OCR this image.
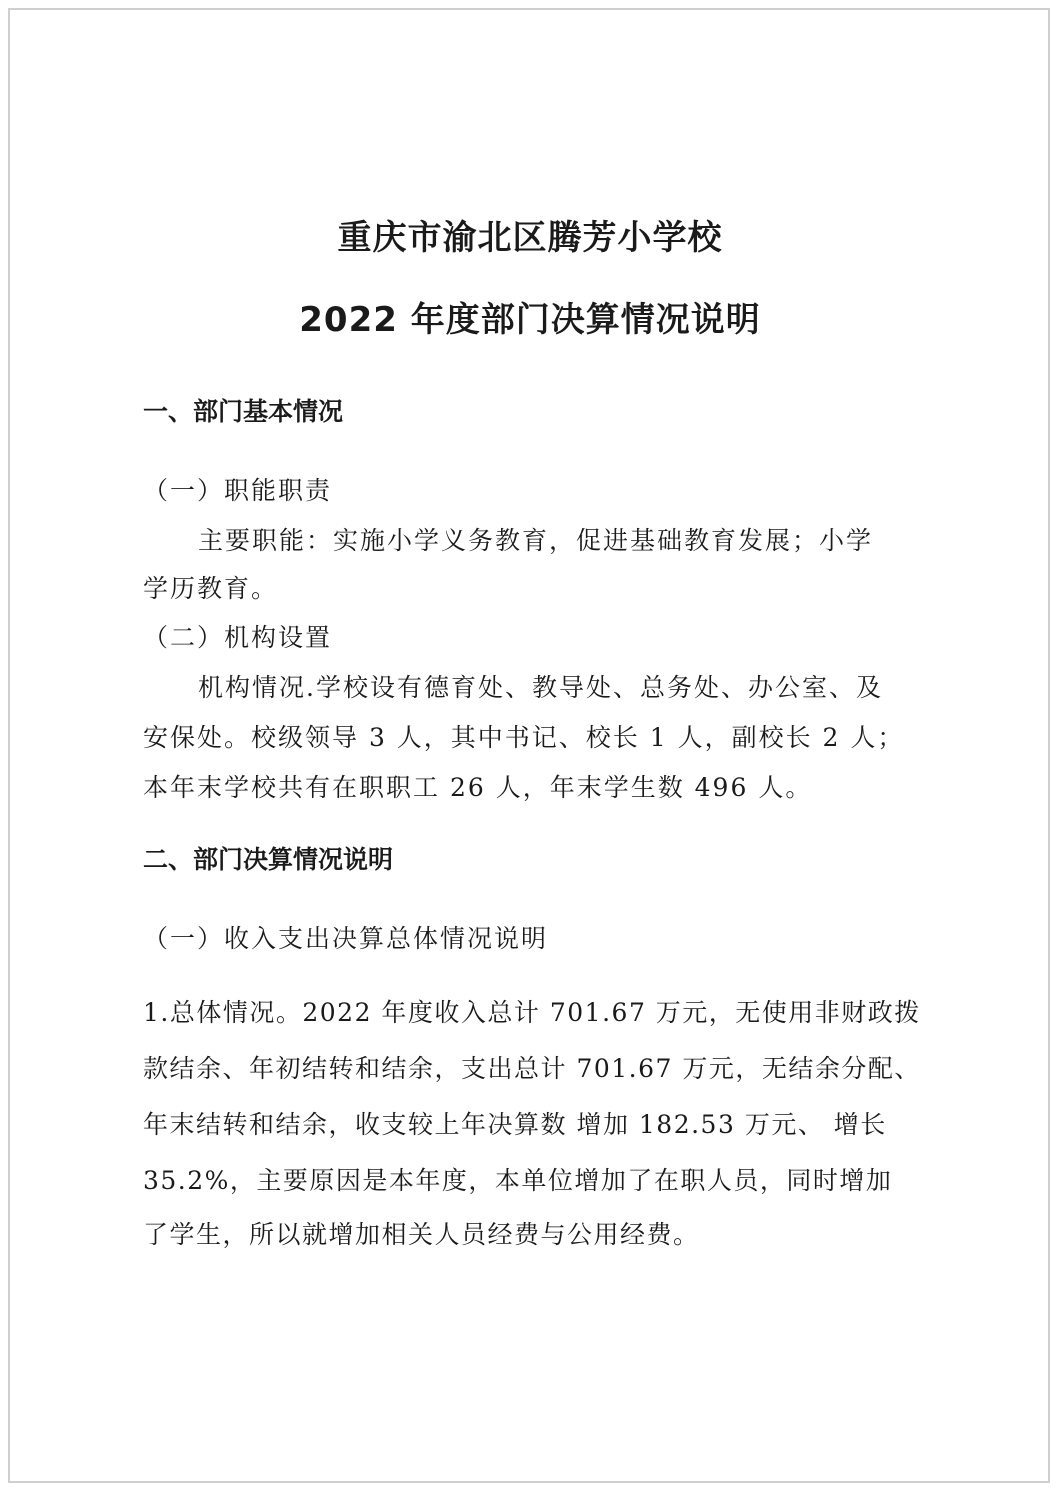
重庆市渝北区腾芳小学校
2022 年度部门决算情况说明
一、部门基本情况
（一）职能职责
主要职能：实施小学义务教育，促进基础教育发展；小学
学历教育。
（二）机构设置
机构情况.学校设有德育处、教导处、总务处、办公室、及
安保处。校级领导 3 人，其中书记、校长 1 人，副校长 2 人；
本年末学校共有在职职工 26 人，年末学生数 496 人。
二、部门决算情况说明
（一）收入支出决算总体情况说明
1.总体情况。2022 年度收入总计 701.67 万元，无使用非财政拨
款结余、年初结转和结余，支出总计 701.67 万元，无结余分配、
年末结转和结余，收支较上年决算数 增加 182.53 万元、 增长
35.2%，主要原因是本年度，本单位增加了在职人员，同时增加
了学生，所以就增加相关人员经费与公用经费。
